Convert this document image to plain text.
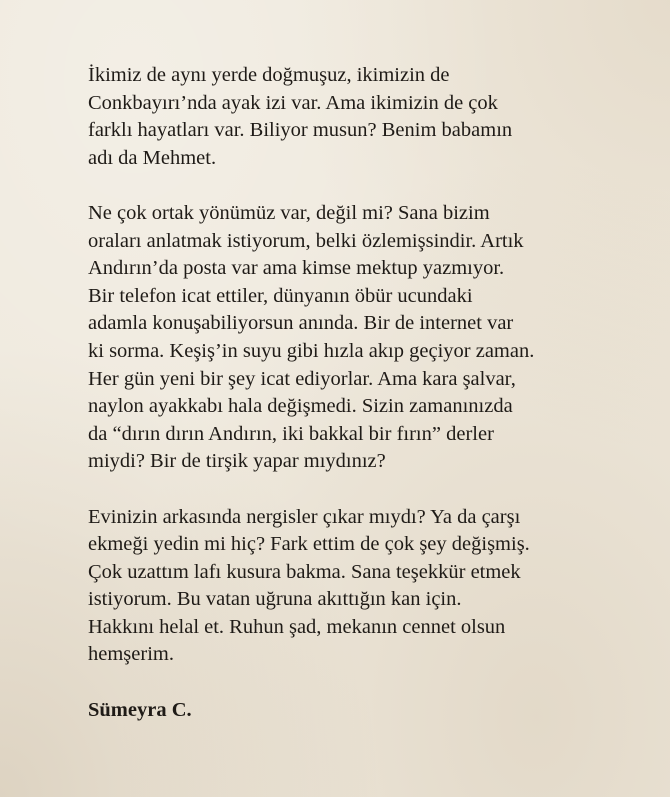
İkimiz de aynı yerde doğmuşuz, ikimizin de
Conkbayırı’nda ayak izi var. Ama ikimizin de çok
farklı hayatları var. Biliyor musun? Benim babamın
adı da Mehmet.

Ne çok ortak yönümüz var, değil mi? Sana bizim
oraları anlatmak istiyorum, belki özlemişsindir. Artık
Andırın’da posta var ama kimse mektup yazmıyor.
Bir telefon icat ettiler, dünyanın öbür ucundaki
adamla konuşabiliyorsun anında. Bir de internet var
ki sorma. Keşiş’in suyu gibi hızla akıp geçiyor zaman.
Her gün yeni bir şey icat ediyorlar. Ama kara şalvar,
naylon ayakkabı hala değişmedi. Sizin zamanınızda
da “dırın dırın Andırın, iki bakkal bir fırın” derler
miydi? Bir de tirşik yapar mıydınız?

Evinizin arkasında nergisler çıkar mıydı? Ya da çarşı
ekmeği yedin mi hiç? Fark ettim de çok şey değişmiş.
Çok uzattım lafı kusura bakma. Sana teşekkür etmek
istiyorum. Bu vatan uğruna akıttığın kan için.
Hakkını helal et. Ruhun şad, mekanın cennet olsun
hemşerim.

Sümeyra C.
